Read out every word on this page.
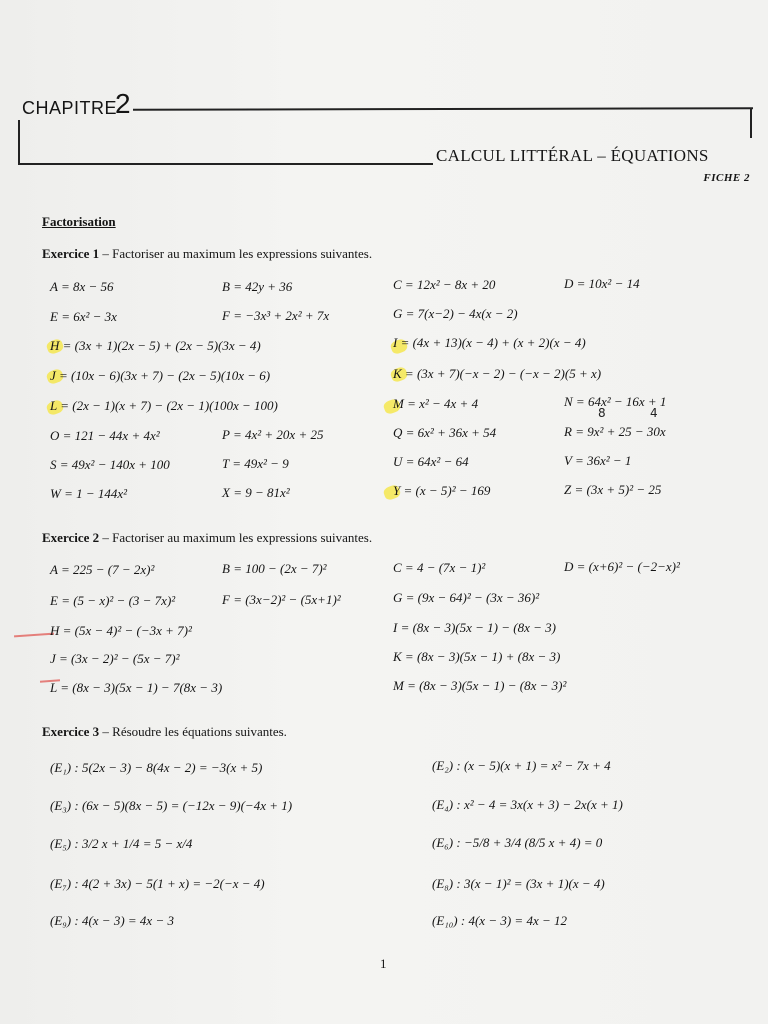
CHAPITRE
2
CALCUL LITTÉRAL – ÉQUATIONS
FICHE 2
Factorisation
Exercice 1 – Factoriser au maximum les expressions suivantes.
A = 8x − 56	B = 42y + 36	C = 12x² − 8x + 20	D = 10x² − 14
E = 6x² − 3x	F = −3x³ + 2x² + 7x	G = 7(x−2) − 4x(x − 2)
H = (3x + 1)(2x − 5) + (2x − 5)(3x − 4)	I = (4x + 13)(x − 4) + (x + 2)(x − 4)
J = (10x − 6)(3x + 7) − (2x − 5)(10x − 6)	K = (3x + 7)(−x − 2) − (−x − 2)(5 + x)
L = (2x − 1)(x + 7) − (2x − 1)(100x − 100)	M = x² − 4x + 4	N = 64x² − 16x + 1
8	4
O = 121 − 44x + 4x²	P = 4x² + 20x + 25	Q = 6x² + 36x + 54	R = 9x² + 25 − 30x
S = 49x² − 140x + 100	T = 49x² − 9	U = 64x² − 64	V = 36x² − 1
W = 1 − 144x²	X = 9 − 81x²	Y = (x − 5)² − 169	Z = (3x + 5)² − 25
Exercice 2 – Factoriser au maximum les expressions suivantes.
A = 225 − (7 − 2x)²	B = 100 − (2x − 7)²	C = 4 − (7x − 1)²	D = (x+6)² − (−2−x)²
E = (5 − x)² − (3 − 7x)²	F = (3x−2)² − (5x+1)²	G = (9x − 64)² − (3x − 36)²
H = (5x − 4)² − (−3x + 7)²	I = (8x − 3)(5x − 1) − (8x − 3)
J = (3x − 2)² − (5x − 7)²	K = (8x − 3)(5x − 1) + (8x − 3)
L = (8x − 3)(5x − 1) − 7(8x − 3)	M = (8x − 3)(5x − 1) − (8x − 3)²
Exercice 3 – Résoudre les équations suivantes.
(E₁) : 5(2x − 3) − 8(4x − 2) = −3(x + 5)	(E₂) : (x − 5)(x + 1) = x² − 7x + 4
(E₃) : (6x − 5)(8x − 5) = (−12x − 9)(−4x + 1)	(E₄) : x² − 4 = 3x(x + 3) − 2x(x + 1)
(E₅) : 3/2 x + 1/4 = 5 − x/4	(E₆) : −5/8 + 3/4 (8/5 x + 4) = 0
(E₇) : 4(2 + 3x) − 5(1 + x) = −2(−x − 4)	(E₈) : 3(x − 1)² = (3x + 1)(x − 4)
(E₉) : 4(x − 3) = 4x − 3	(E₁₀) : 4(x − 3) = 4x − 12
1
